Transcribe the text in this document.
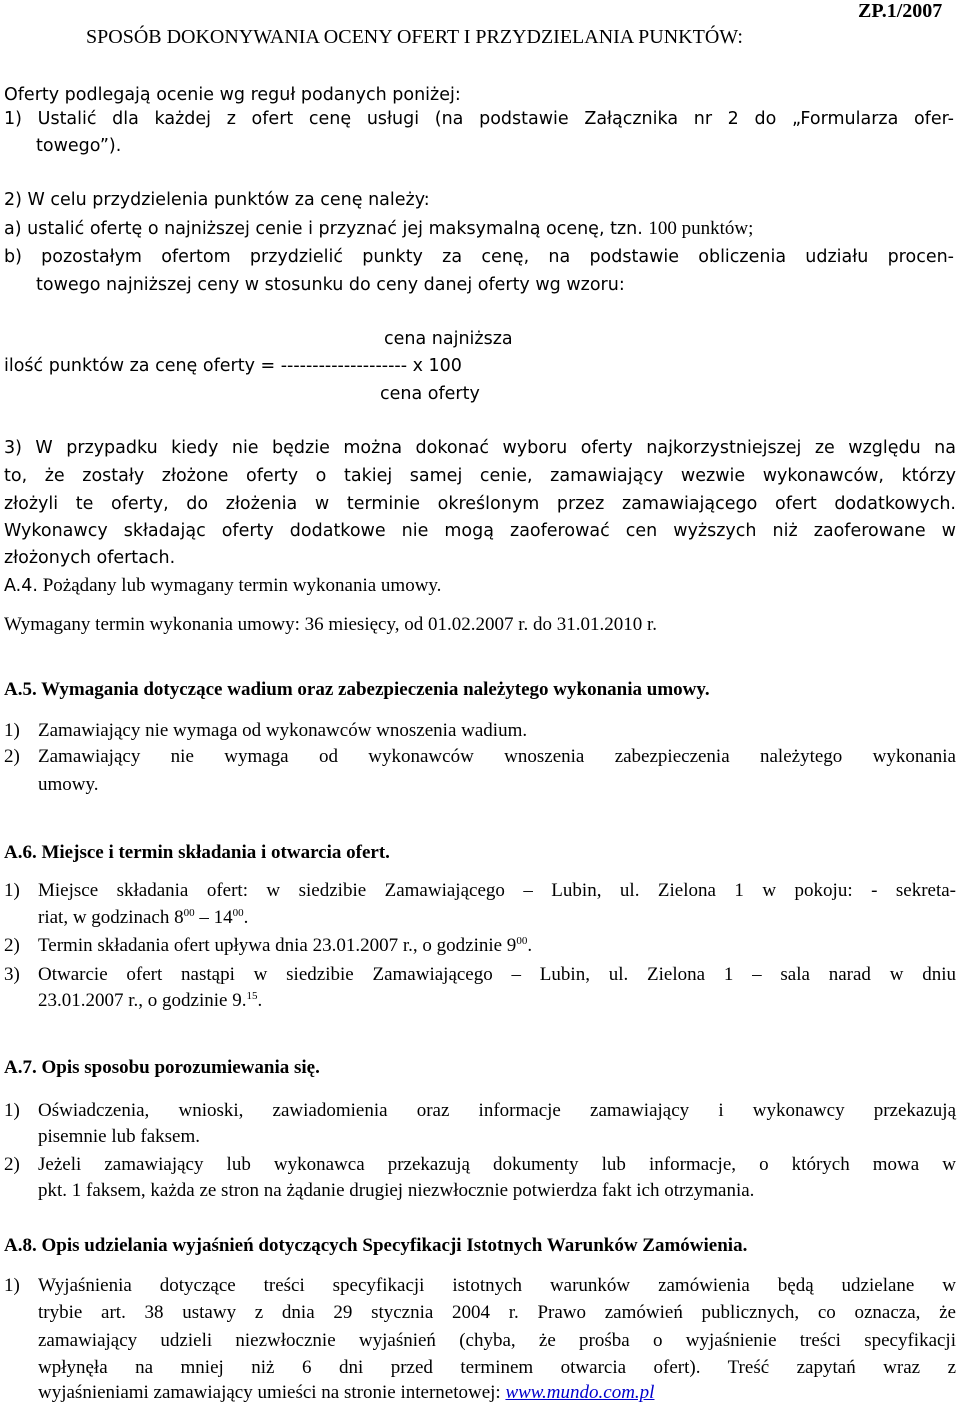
ZP.1/2007
SPOSÓB DOKONYWANIA OCENY OFERT I PRZYDZIELANIA PUNKTÓW:
Oferty podlegają ocenie wg reguł podanych poniżej:
1) Ustalić dla każdej z ofert cenę usługi (na podstawie Załącznika nr 2 do „Formularza ofer-
towego”).
2) W celu przydzielenia punktów za cenę należy:
a) ustalić ofertę o najniższej cenie i przyznać jej maksymalną ocenę, tzn. 100 punktów;
b) pozostałym ofertom przydzielić punkty za cenę, na podstawie obliczenia udziału procen-
towego najniższej ceny w stosunku do ceny danej oferty wg wzoru:
cena najniższa
ilość punktów za cenę oferty = -------------------- x 100
cena oferty
3) W przypadku kiedy nie będzie można dokonać wyboru oferty najkorzystniejszej ze względu na
to, że zostały złożone oferty o takiej samej cenie, zamawiający wezwie wykonawców, którzy
złożyli te oferty, do złożenia w terminie określonym przez zamawiającego ofert dodatkowych.
Wykonawcy składając oferty dodatkowe nie mogą zaoferować cen wyższych niż zaoferowane w
złożonych ofertach.
A.4. Pożądany lub wymagany termin wykonania umowy.
Wymagany termin wykonania umowy: 36 miesięcy, od 01.02.2007 r. do 31.01.2010 r.
A.5. Wymagania dotyczące wadium oraz zabezpieczenia należytego wykonania umowy.
1) Zamawiający nie wymaga od wykonawców wnoszenia wadium.
2) Zamawiający nie wymaga od wykonawców wnoszenia zabezpieczenia należytego wykonania
umowy.
A.6. Miejsce i termin składania i otwarcia ofert.
1) Miejsce składania ofert: w siedzibie Zamawiającego – Lubin, ul. Zielona 1 w pokoju: - sekreta-
riat, w godzinach $8^{00} - 14^{00}$.
2) Termin składania ofert upływa dnia 23.01.2007 r., o godzinie $9^{00}$.
3) Otwarcie ofert nastąpi w siedzibie Zamawiającego – Lubin, ul. Zielona 1 – sala narad w dniu
23.01.2007 r., o godzinie 9.15.
A.7. Opis sposobu porozumiewania się.
1) Oświadczenia, wnioski, zawiadomienia oraz informacje zamawiający i wykonawcy przekazują
pisemnie lub faksem.
2) Jeżeli zamawiający lub wykonawca przekazują dokumenty lub informacje, o których mowa w
pkt. 1 faksem, każda ze stron na żądanie drugiej niezwłocznie potwierdza fakt ich otrzymania.
A.8. Opis udzielania wyjaśnień dotyczących Specyfikacji Istotnych Warunków Zamówienia.
1) Wyjaśnienia dotyczące treści specyfikacji istotnych warunków zamówienia będą udzielane w
trybie art. 38 ustawy z dnia 29 stycznia 2004 r. Prawo zamówień publicznych, co oznacza, że
zamawiający udzieli niezwłocznie wyjaśnień (chyba, że prośba o wyjaśnienie treści specyfikacji
wpłynęła na mniej niż 6 dni przed terminem otwarcia ofert). Treść zapytań wraz z
wyjaśnieniami zamawiający umieści na stronie internetowej: www.mundo.com.pl
